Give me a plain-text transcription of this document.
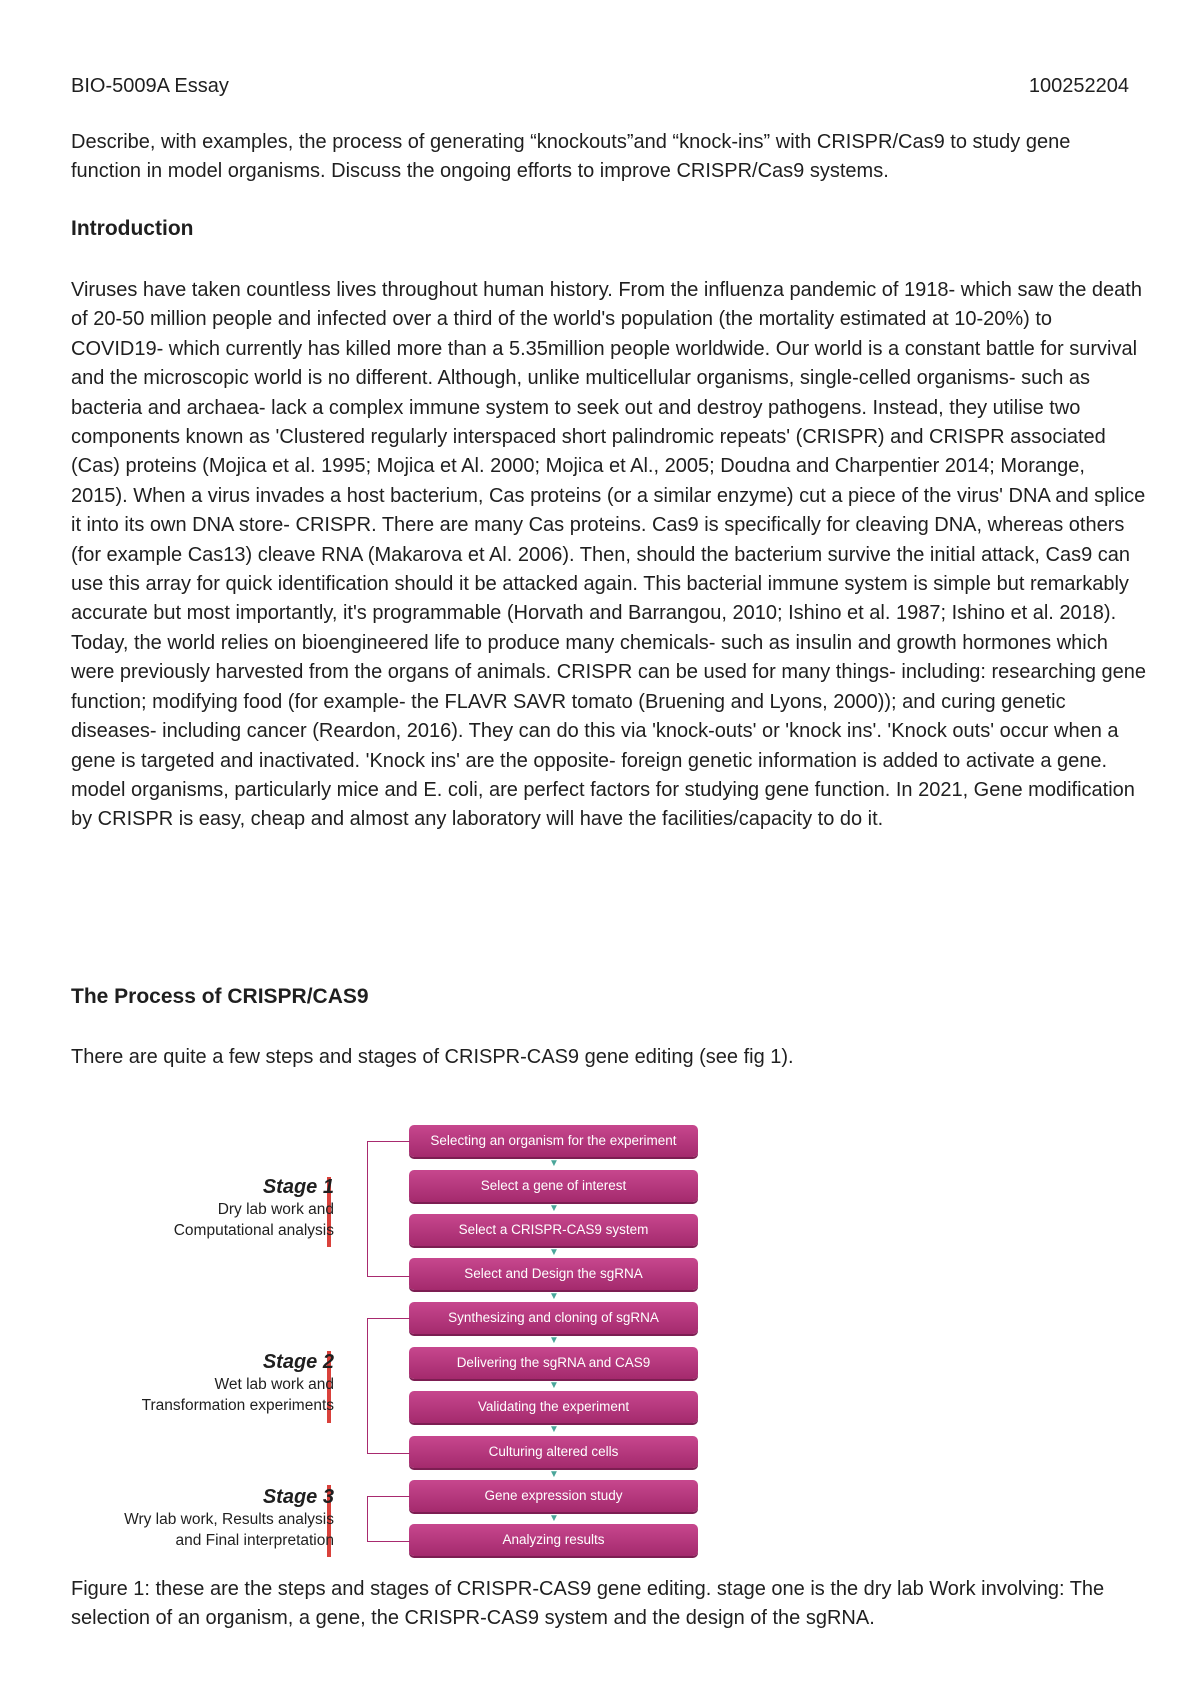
BIO-5009A Essay	100252204
Describe, with examples, the process of generating “knockouts”and “knock-ins” with CRISPR/Cas9 to study gene function in model organisms. Discuss the ongoing efforts to improve CRISPR/Cas9 systems.
Introduction

Viruses have taken countless lives throughout human history. From the influenza pandemic of 1918- which saw the death of 20-50 million people and infected over a third of the world's population (the mortality estimated at 10-20%) to COVID19- which currently has killed more than a 5.35million people worldwide. Our world is a constant battle for survival and the microscopic world is no different. Although, unlike multicellular organisms, single-celled organisms- such as bacteria and archaea- lack a complex immune system to seek out and destroy pathogens. Instead, they utilise two components known as 'Clustered regularly interspaced short palindromic repeats' (CRISPR) and CRISPR associated (Cas) proteins (Mojica et al. 1995; Mojica et Al. 2000; Mojica et Al., 2005; Doudna and Charpentier 2014; Morange, 2015). When a virus invades a host bacterium, Cas proteins (or a similar enzyme) cut a piece of the virus' DNA and splice it into its own DNA store- CRISPR. There are many Cas proteins. Cas9 is specifically for cleaving DNA, whereas others (for example Cas13) cleave RNA (Makarova et Al. 2006). Then, should the bacterium survive the initial attack, Cas9 can use this array for quick identification should it be attacked again. This bacterial immune system is simple but remarkably accurate but most importantly, it's programmable (Horvath and Barrangou, 2010; Ishino et al. 1987; Ishino et al. 2018). Today, the world relies on bioengineered life to produce many chemicals- such as insulin and growth hormones which were previously harvested from the organs of animals. CRISPR can be used for many things- including: researching gene function; modifying food (for example- the FLAVR SAVR tomato (Bruening and Lyons, 2000)); and curing genetic diseases- including cancer (Reardon, 2016). They can do this via 'knock-outs' or 'knock ins'. 'Knock outs' occur when a gene is targeted and inactivated. 'Knock ins' are the opposite- foreign genetic information is added to activate a gene. model organisms, particularly mice and E. coli, are perfect factors for studying gene function. In 2021, Gene modification by CRISPR is easy, cheap and almost any laboratory will have the facilities/capacity to do it.

The Process of CRISPR/CAS9

There are quite a few steps and stages of CRISPR-CAS9 gene editing (see fig 1).

Selecting an organism for the experiment
▼
Select a gene of interest
▼
Select a CRISPR-CAS9 system
▼
Select and Design the sgRNA
▼
Synthesizing and cloning of sgRNA
▼
Delivering the sgRNA and CAS9
▼
Validating the experiment
▼
Culturing altered cells
▼
Gene expression study
▼
Analyzing results
Stage 1
Dry lab work and
Computational analysis
Stage 2
Wet lab work and
Transformation experiments
Stage 3
Wry lab work, Results analysis
and Final interpretation

Figure 1: these are the steps and stages of CRISPR-CAS9 gene editing. stage one is the dry lab Work involving: The selection of an organism, a gene, the CRISPR-CAS9 system and the design of the sgRNA.
